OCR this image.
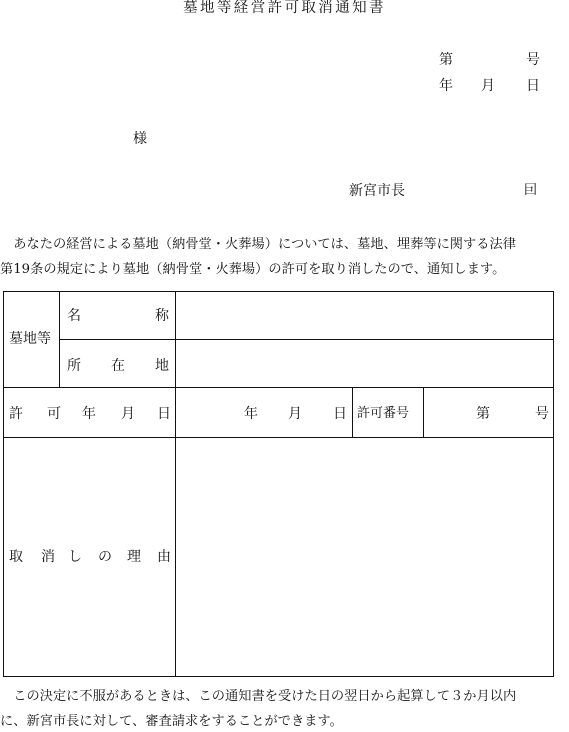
墓地等経営許可取消通知書
第	号
年 月 日
様
新宮市長	囙
　あなたの経営による墓地（納骨堂・火葬場）については、墓地、埋葬等に関する法律
第19条の規定により墓地（納骨堂・火葬場）の許可を取り消したので、通知します。
墓地等
名	称
所 在 地
許 可 年 月 日	年 月 日 許可番号	第	号
取 消 し の 理 由
　この決定に不服があるときは、この通知書を受けた日の翌日から起算して３か月以内
に、新宮市長に対して、審査請求をすることができます。
